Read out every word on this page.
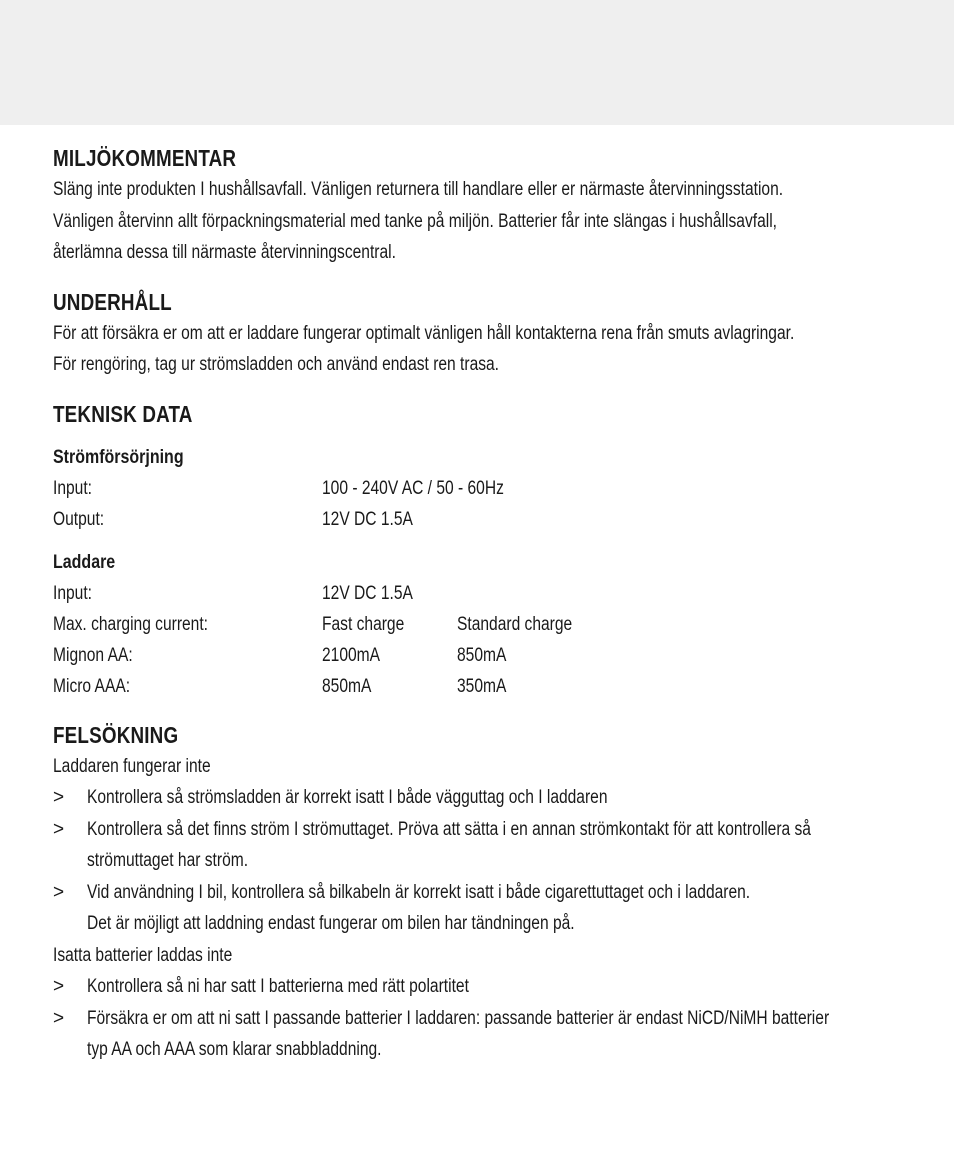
MILJÖKOMMENTAR
Släng inte produkten I hushållsavfall. Vänligen returnera till handlare eller er närmaste återvinningsstation.
Vänligen återvinn allt förpackningsmaterial med tanke på miljön. Batterier får inte slängas i hushållsavfall,
återlämna dessa till närmaste återvinningscentral.
UNDERHÅLL
För att försäkra er om att er laddare fungerar optimalt vänligen håll kontakterna rena från smuts avlagringar.
För rengöring, tag ur strömsladden och använd endast ren trasa.
TEKNISK DATA
Strömförsörjning
Input:	100 - 240V AC / 50 - 60Hz
Output:	12V DC 1.5A
Laddare
Input:	12V DC 1.5A
Max. charging current:	Fast charge	Standard charge
Mignon AA:	2100mA	850mA
Micro AAA:	850mA	350mA
FELSÖKNING
Laddaren fungerar inte
> Kontrollera så strömsladden är korrekt isatt I både vägguttag och I laddaren
> Kontrollera så det finns ström I strömuttaget. Pröva att sätta i en annan strömkontakt för att kontrollera så
strömuttaget har ström.
> Vid användning I bil, kontrollera så bilkabeln är korrekt isatt i både cigarettuttaget och i laddaren.
Det är möjligt att laddning endast fungerar om bilen har tändningen på.
Isatta batterier laddas inte
> Kontrollera så ni har satt I batterierna med rätt polartitet
> Försäkra er om att ni satt I passande batterier I laddaren: passande batterier är endast NiCD/NiMH batterier
typ AA och AAA som klarar snabbladdning.
